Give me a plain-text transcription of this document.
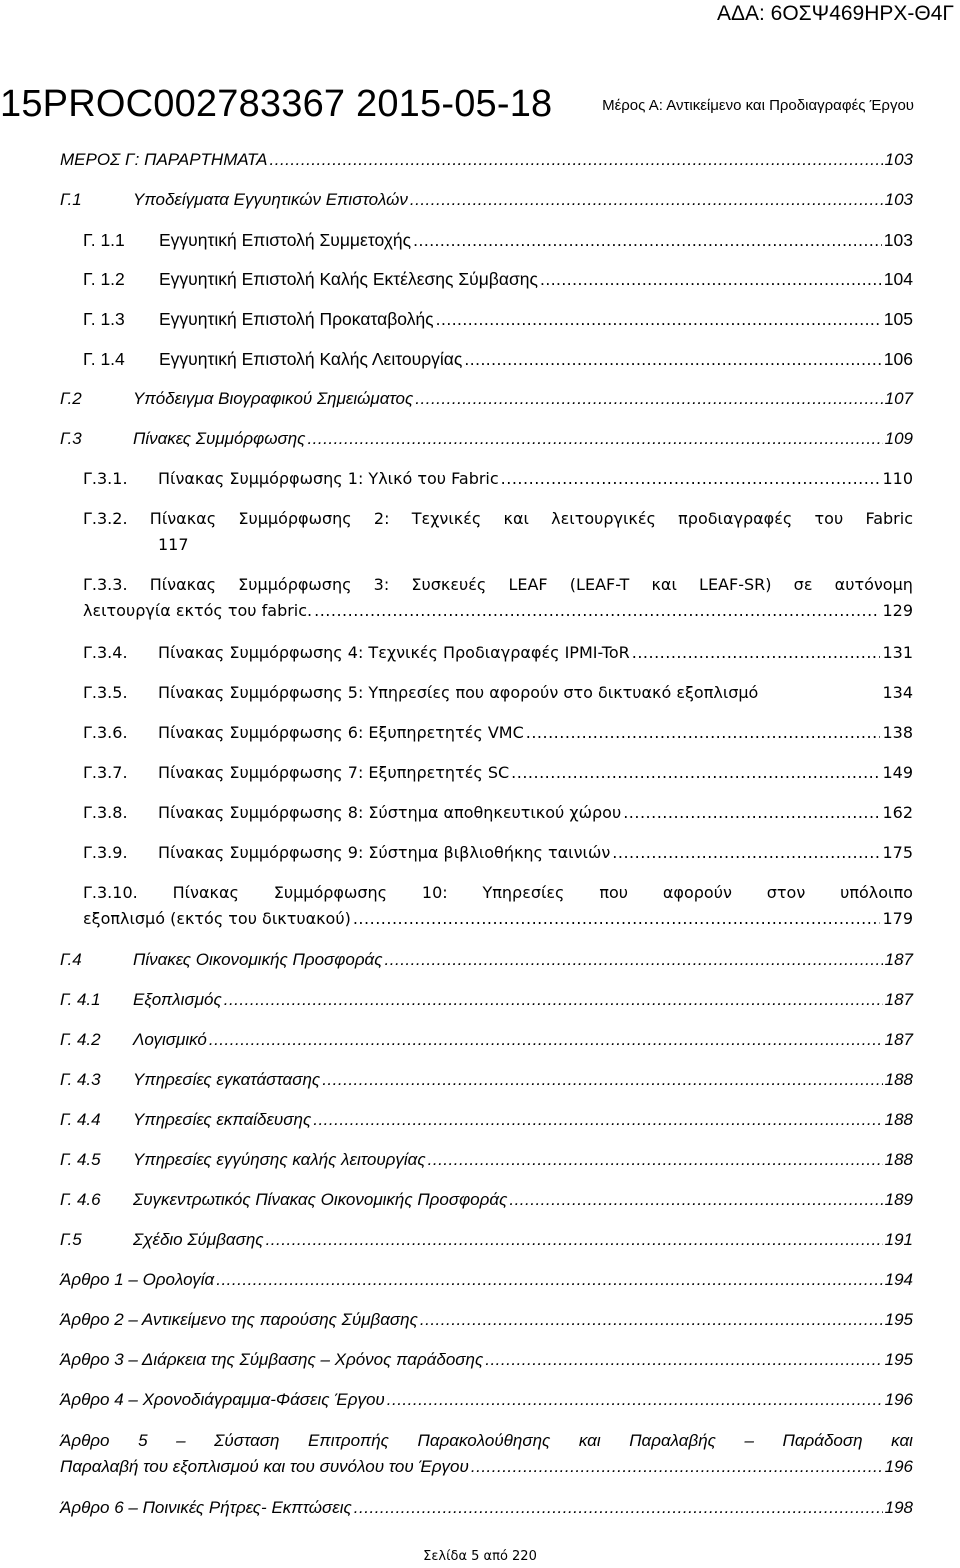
ΑΔΑ: 6ΟΣΨ469ΗΡΧ-Θ4Γ
15PROC002783367 2015-05-18	Μέρος Α: Αντικείμενο και Προδιαγραφές Έργου
ΜΕΡΟΣ Γ: ΠΑΡΑΡΤΗΜΑΤΑ .....	103
Γ.1	Υποδείγματα Εγγυητικών Επιστολών .....	103
Γ. 1.1	Εγγυητική Επιστολή Συμμετοχής .....	103
Γ. 1.2	Εγγυητική Επιστολή Καλής Εκτέλεσης Σύμβασης .....	104
Γ. 1.3	Εγγυητική Επιστολή Προκαταβολής .....	105
Γ. 1.4	Εγγυητική Επιστολή Καλής Λειτουργίας .....	106
Γ.2	Υπόδειγμα Βιογραφικού Σημειώματος .....	107
Γ.3	Πίνακες Συμμόρφωσης .....	109
Γ.3.1.	Πίνακας Συμμόρφωσης 1: Υλικό του Fabric .....	110
Γ.3.2. Πίνακας Συμμόρφωσης 2: Τεχνικές και λειτουργικές προδιαγραφές του Fabric
117
Γ.3.3. Πίνακας Συμμόρφωσης 3: Συσκευές LEAF (LEAF-T και LEAF-SR) σε αυτόνομη
λειτουργία εκτός του fabric. .....	129
Γ.3.4.	Πίνακας Συμμόρφωσης 4: Τεχνικές Προδιαγραφές IPMI-ToR .....	131
Γ.3.5.	Πίνακας Συμμόρφωσης 5: Υπηρεσίες που αφορούν στο δικτυακό εξοπλισμό	134
Γ.3.6.	Πίνακας Συμμόρφωσης 6: Εξυπηρετητές VMC .....	138
Γ.3.7.	Πίνακας Συμμόρφωσης 7: Εξυπηρετητές SC .....	149
Γ.3.8.	Πίνακας Συμμόρφωσης 8: Σύστημα αποθηκευτικού χώρου .....	162
Γ.3.9.	Πίνακας Συμμόρφωσης 9: Σύστημα βιβλιοθήκης ταινιών .....	175
Γ.3.10. Πίνακας Συμμόρφωσης 10: Υπηρεσίες που αφορούν στον υπόλοιπο
εξοπλισμό (εκτός του δικτυακού) .....	179
Γ.4	Πίνακες Οικονομικής Προσφοράς .....	187
Γ. 4.1	Εξοπλισμός .....	187
Γ. 4.2	Λογισμικό .....	187
Γ. 4.3	Υπηρεσίες εγκατάστασης .....	188
Γ. 4.4	Υπηρεσίες εκπαίδευσης .....	188
Γ. 4.5	Υπηρεσίες εγγύησης καλής λειτουργίας .....	188
Γ. 4.6	Συγκεντρωτικός Πίνακας Οικονομικής Προσφοράς .....	189
Γ.5	Σχέδιο Σύμβασης .....	191
Άρθρο 1 – Ορολογία .....	194
Άρθρο 2 – Αντικείμενο της παρούσης Σύμβασης .....	195
Άρθρο 3 – Διάρκεια της Σύμβασης – Χρόνος παράδοσης .....	195
Άρθρο 4 – Χρονοδιάγραμμα-Φάσεις Έργου .....	196
Άρθρο 5 – Σύσταση Επιτροπής Παρακολούθησης και Παραλαβής – Παράδοση και
Παραλαβή του εξοπλισμού και του συνόλου του Έργου .....	196
Άρθρο 6 – Ποινικές Ρήτρες- Εκπτώσεις .....	198
Σελίδα 5 από 220
